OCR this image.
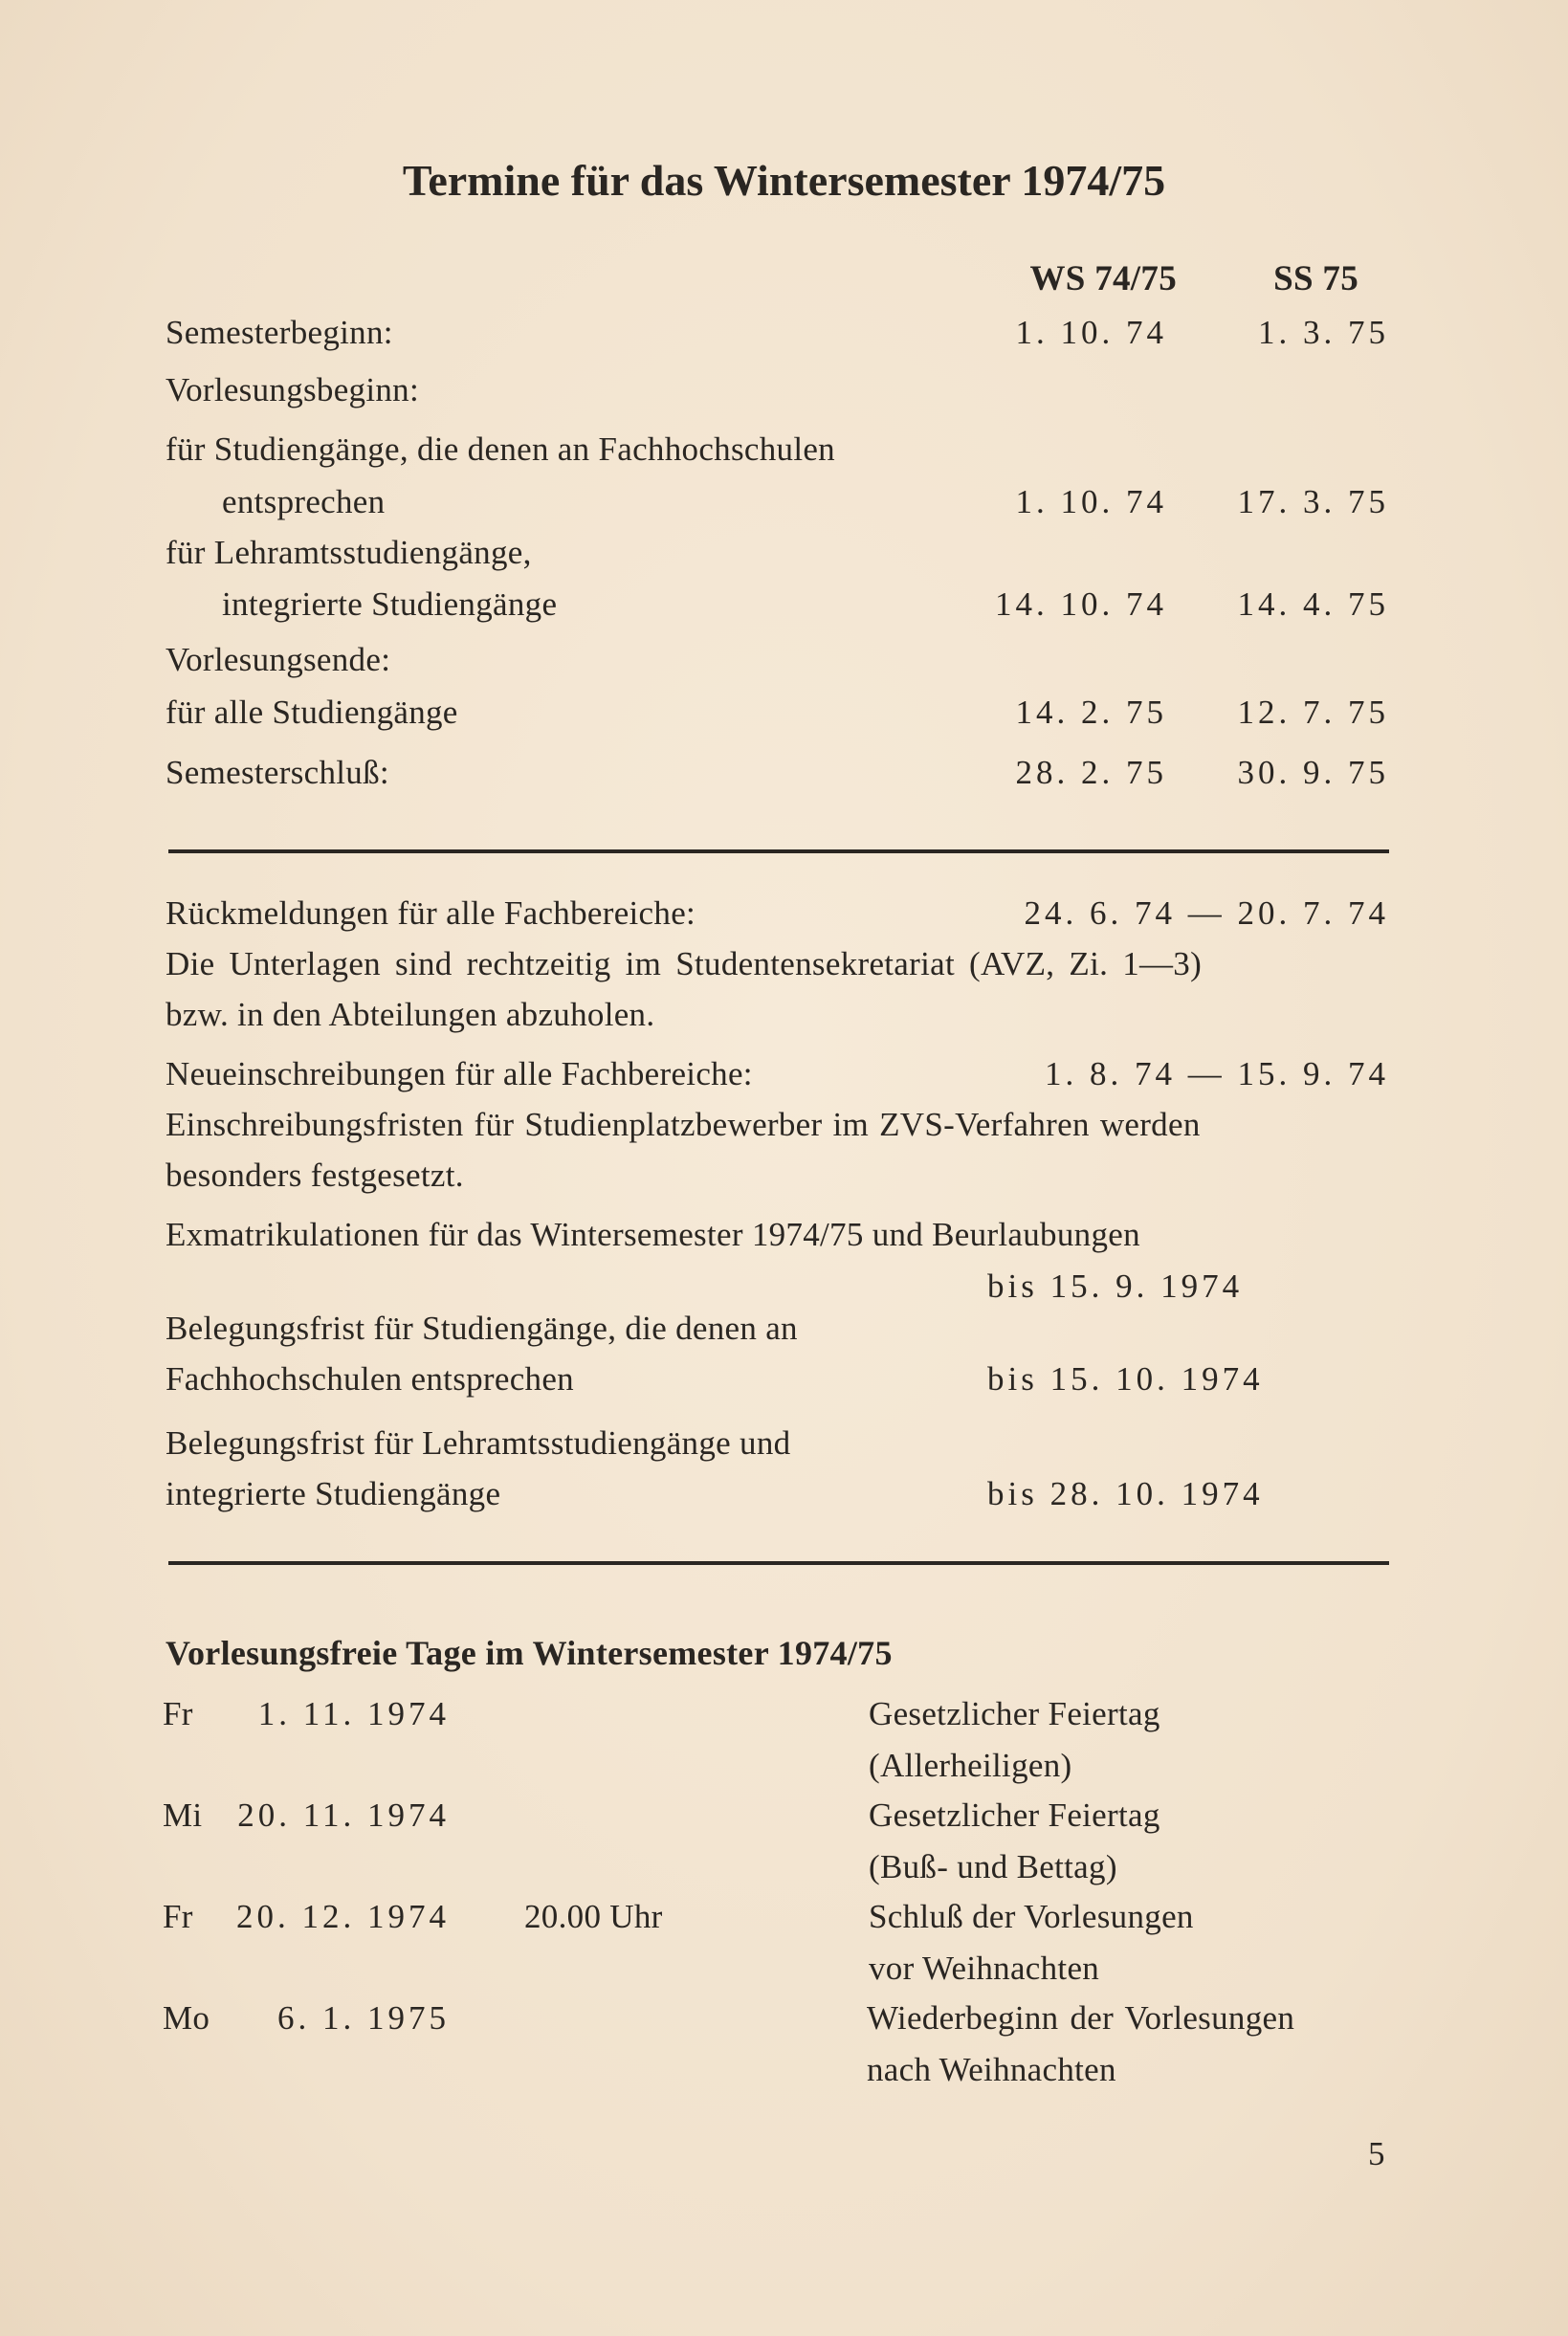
Termine für das Wintersemester 1974/75
WS 74/75	SS 75
Semesterbeginn:	1. 10. 74	1. 3. 75
Vorlesungsbeginn:
für Studiengänge, die denen an Fachhochschulen
entsprechen	1. 10. 74	17. 3. 75
für Lehramtsstudiengänge,
integrierte Studiengänge	14. 10. 74	14. 4. 75
Vorlesungsende:
für alle Studiengänge	14. 2. 75	12. 7. 75
Semesterschluß:	28. 2. 75	30. 9. 75
Rückmeldungen für alle Fachbereiche:	24. 6. 74 — 20. 7. 74
Die Unterlagen sind rechtzeitig im Studentensekretariat (AVZ, Zi. 1—3)
bzw. in den Abteilungen abzuholen.
Neueinschreibungen für alle Fachbereiche:	1. 8. 74 — 15. 9. 74
Einschreibungsfristen für Studienplatzbewerber im ZVS-Verfahren werden
besonders festgesetzt.
Exmatrikulationen für das Wintersemester 1974/75 und Beurlaubungen
bis 15. 9. 1974
Belegungsfrist für Studiengänge, die denen an
Fachhochschulen entsprechen	bis 15. 10. 1974
Belegungsfrist für Lehramtsstudiengänge und
integrierte Studiengänge	bis 28. 10. 1974
Vorlesungsfreie Tage im Wintersemester 1974/75
Fr	1. 11. 1974	Gesetzlicher Feiertag
(Allerheiligen)
Mi	20. 11. 1974	Gesetzlicher Feiertag
(Buß- und Bettag)
Fr	20. 12. 1974 20.00 Uhr	Schluß der Vorlesungen
vor Weihnachten
Mo	6. 1. 1975	Wiederbeginn der Vorlesungen
nach Weihnachten
5
